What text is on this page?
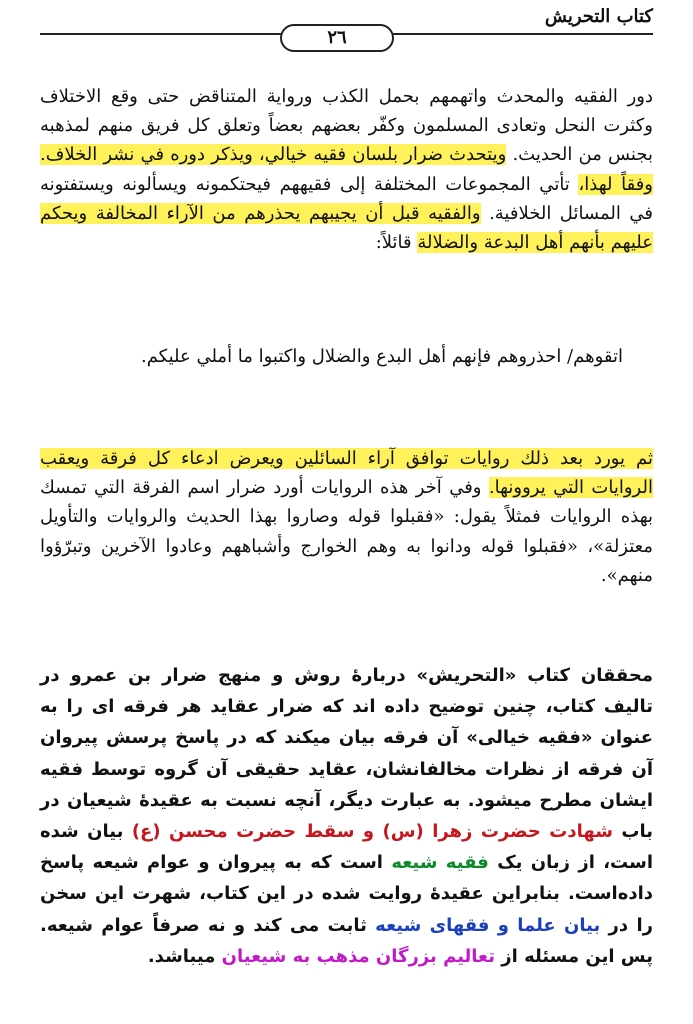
كتاب التحريش
٢٦
دور الفقيه والمحدث واتهمهم بحمل الكذب ورواية المتناقض حتى وقع الاختلاف وكثرت النحل وتعادى المسلمون وكفّر بعضهم بعضاً وتعلق كل فريق منهم لمذهبه بجنس من الحديث. ويتحدث ضرار بلسان فقيه خيالي، ويذكر دوره في نشر الخلاف. وفقاً لهذا، تأتي المجموعات المختلفة إلى فقيههم فيحتكمونه ويسألونه ويستفتونه في المسائل الخلافية. والفقيه قبل أن يجيبهم يحذرهم من الآراء المخالفة ويحكم عليهم بأنهم أهل البدعة والضلالة قائلاً:
اتقوهم/ احذروهم فإنهم أهل البدع والضلال واكتبوا ما أملي عليكم.
ثم يورد بعد ذلك روايات توافق آراء السائلين ويعرض ادعاء كل فرقة ويعقب الروايات التي يروونها. وفي آخر هذه الروايات أورد ضرار اسم الفرقة التي تمسك بهذه الروايات فمثلاً يقول: «فقبلوا قوله وصاروا بهذا الحديث والروايات والتأويل معتزلة»، «فقبلوا قوله ودانوا به وهم الخوارج وأشباههم وعادوا الآخرين وتبرّؤوا منهم».
محققان کتاب «التحریش» دربارهٔ روش و منهج ضرار بن عمرو در تالیف کتاب، چنین توضیح داده اند که ضرار عقاید هر فرقه ای را به عنوان «فقیه خیالی» آن فرقه بیان میکند که در پاسخ پرسش پیروان آن فرقه از نظرات مخالفانشان، عقاید حقیقی آن گروه توسط فقیه ایشان مطرح میشود. به عبارت دیگر، آنچه نسبت به عقیدهٔ شیعیان در باب شهادت حضرت زهرا (س) و سقط حضرت محسن (ع) بیان شده است، از زبان یک فقیه شیعه است که به پیروان و عوام شیعه پاسخ داده‌است. بنابراین عقیدهٔ روایت شده در این کتاب، شهرت این سخن را در بیان علما و فقهای شیعه ثابت می کند و نه صرفاً عوام شیعه. پس این مسئله از تعالیم بزرگان مذهب به شیعیان میباشد.
